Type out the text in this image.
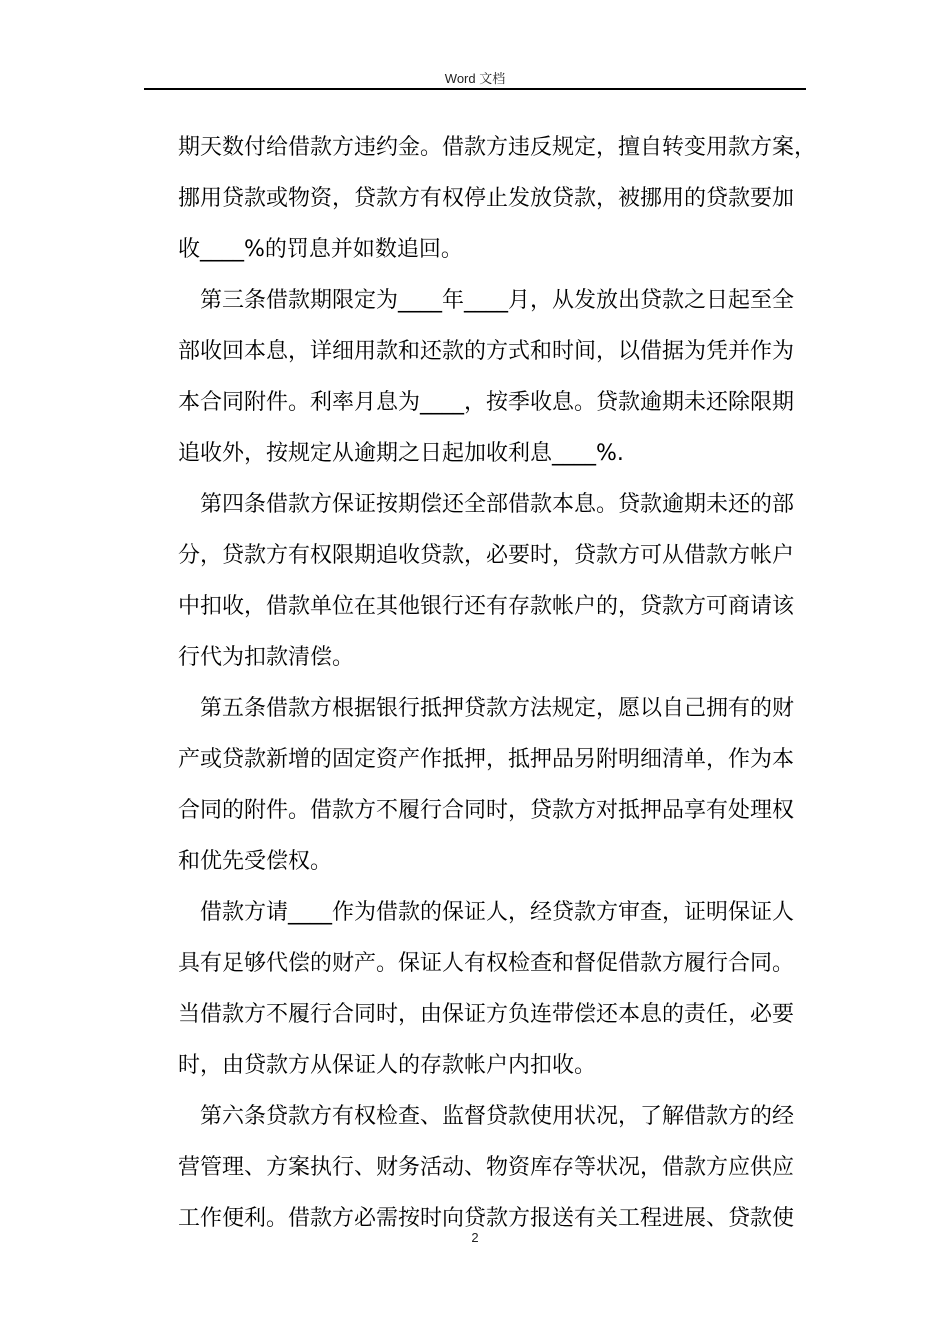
Word 文档
期天数付给借款方违约金。借款方违反规定，擅自转变用款方案，
挪用贷款或物资，贷款方有权停止发放贷款，被挪用的贷款要加
收____%的罚息并如数追回。
第三条借款期限定为____年____月，从发放出贷款之日起至全
部收回本息，详细用款和还款的方式和时间，以借据为凭并作为
本合同附件。利率月息为____，按季收息。贷款逾期未还除限期
追收外，按规定从逾期之日起加收利息____%.
第四条借款方保证按期偿还全部借款本息。贷款逾期未还的部
分，贷款方有权限期追收贷款，必要时，贷款方可从借款方帐户
中扣收，借款单位在其他银行还有存款帐户的，贷款方可商请该
行代为扣款清偿。
第五条借款方根据银行抵押贷款方法规定，愿以自己拥有的财
产或贷款新增的固定资产作抵押，抵押品另附明细清单，作为本
合同的附件。借款方不履行合同时，贷款方对抵押品享有处理权
和优先受偿权。
借款方请____作为借款的保证人，经贷款方审查，证明保证人
具有足够代偿的财产。保证人有权检查和督促借款方履行合同。
当借款方不履行合同时，由保证方负连带偿还本息的责任，必要
时，由贷款方从保证人的存款帐户内扣收。
第六条贷款方有权检查、监督贷款使用状况，了解借款方的经
营管理、方案执行、财务活动、物资库存等状况，借款方应供应
工作便利。借款方必需按时向贷款方报送有关工程进展、贷款使
2
